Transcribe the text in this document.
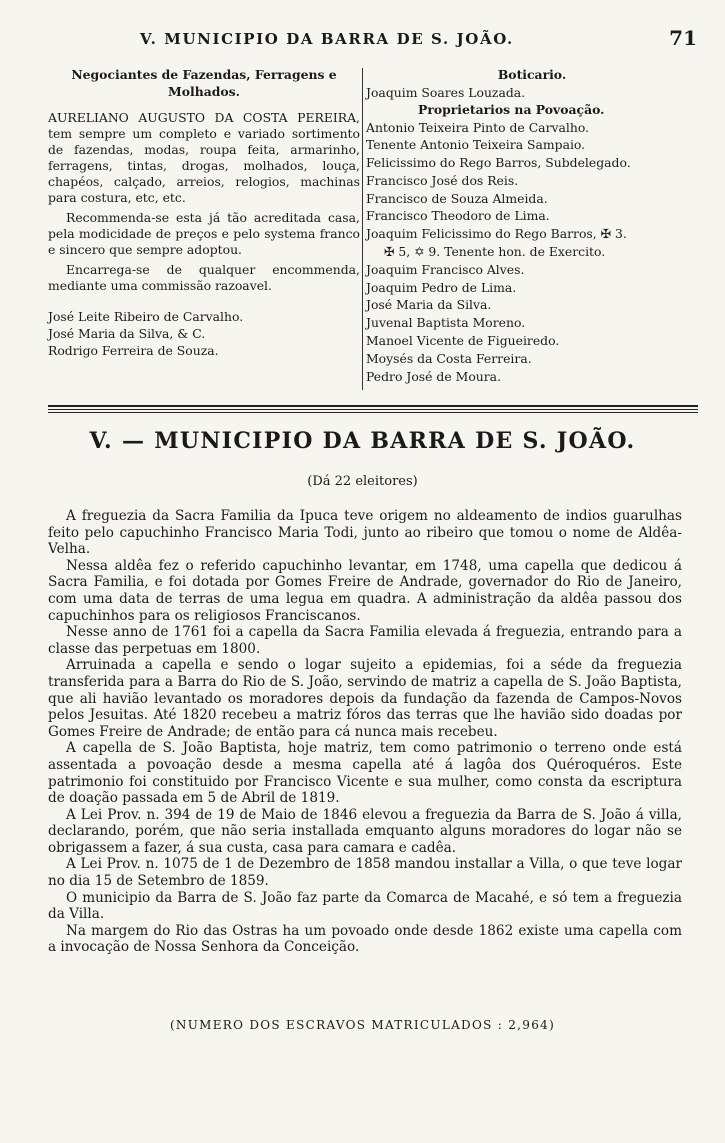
V. MUNICIPIO DA BARRA DE S. JOÃO.	71

Negociantes de Fazendas, Ferragens e Molhados.

AURELIANO AUGUSTO DA COSTA PEREIRA, tem sempre um completo e variado sortimento de fazendas, modas, roupa feita, armarinho, ferragens, tintas, drogas, molhados, louça, chapéos, calçado, arreios, relogios, machinas para costura, etc, etc.

Recommenda-se esta já tão acreditada casa, pela modicidade de preços e pelo systema franco e sincero que sempre adoptou.

Encarrega-se de qualquer encommenda, mediante uma commissão razoavel.

José Leite Ribeiro de Carvalho.
José Maria da Silva, & C.
Rodrigo Ferreira de Souza.

Boticario.

Joaquim Soares Louzada.

Proprietarios na Povoação.

Antonio Teixeira Pinto de Carvalho.
Tenente Antonio Teixeira Sampaio.
Felicissimo do Rego Barros, Subdelegado.
Francisco José dos Reis.
Francisco de Souza Almeida.
Francisco Theodoro de Lima.
Joaquim Felicissimo do Rego Barros, ✠ 3.
✠ 5, ✡ 9. Tenente hon. de Exercito.
Joaquim Francisco Alves.
Joaquim Pedro de Lima.
José Maria da Silva.
Juvenal Baptista Moreno.
Manoel Vicente de Figueiredo.
Moysés da Costa Ferreira.
Pedro José de Moura.
V. — MUNICIPIO DA BARRA DE S. JOÃO.
(Dá 22 eleitores)

A freguezia da Sacra Familia da Ipuca teve origem no aldeamento de indios guarulhas feito pelo capuchinho Francisco Maria Todi, junto ao ribeiro que tomou o nome de Aldêa-Velha.

Nessa aldêa fez o referido capuchinho levantar, em 1748, uma capella que dedicou á Sacra Familia, e foi dotada por Gomes Freire de Andrade, governador do Rio de Janeiro, com uma data de terras de uma legua em quadra. A administração da aldêa passou dos capuchinhos para os religiosos Franciscanos.

Nesse anno de 1761 foi a capella da Sacra Familia elevada á freguezia, entrando para a classe das perpetuas em 1800.

Arruinada a capella e sendo o logar sujeito a epidemias, foi a séde da freguezia transferida para a Barra do Rio de S. João, servindo de matriz a capella de S. João Baptista, que ali havião levantado os moradores depois da fundação da fazenda de Campos-Novos pelos Jesuitas. Até 1820 recebeu a matriz fóros das terras que lhe havião sido doadas por Gomes Freire de Andrade; de então para cá nunca mais recebeu.

A capella de S. João Baptista, hoje matriz, tem como patrimonio o terreno onde está assentada a povoação desde a mesma capella até á lagôa dos Quéroquéros. Este patrimonio foi constituido por Francisco Vicente e sua mulher, como consta da escriptura de doação passada em 5 de Abril de 1819.

A Lei Prov. n. 394 de 19 de Maio de 1846 elevou a freguezia da Barra de S. João á villa, declarando, porém, que não seria installada emquanto alguns moradores do logar não se obrigassem a fazer, á sua custa, casa para camara e cadêa.

A Lei Prov. n. 1075 de 1 de Dezembro de 1858 mandou installar a Villa, o que teve logar no dia 15 de Setembro de 1859.

O municipio da Barra de S. João faz parte da Comarca de Macahé, e só tem a freguezia da Villa.

Na margem do Rio das Ostras ha um povoado onde desde 1862 existe uma capella com a invocação de Nossa Senhora da Conceição.

(NUMERO DOS ESCRAVOS MATRICULADOS : 2,964)
